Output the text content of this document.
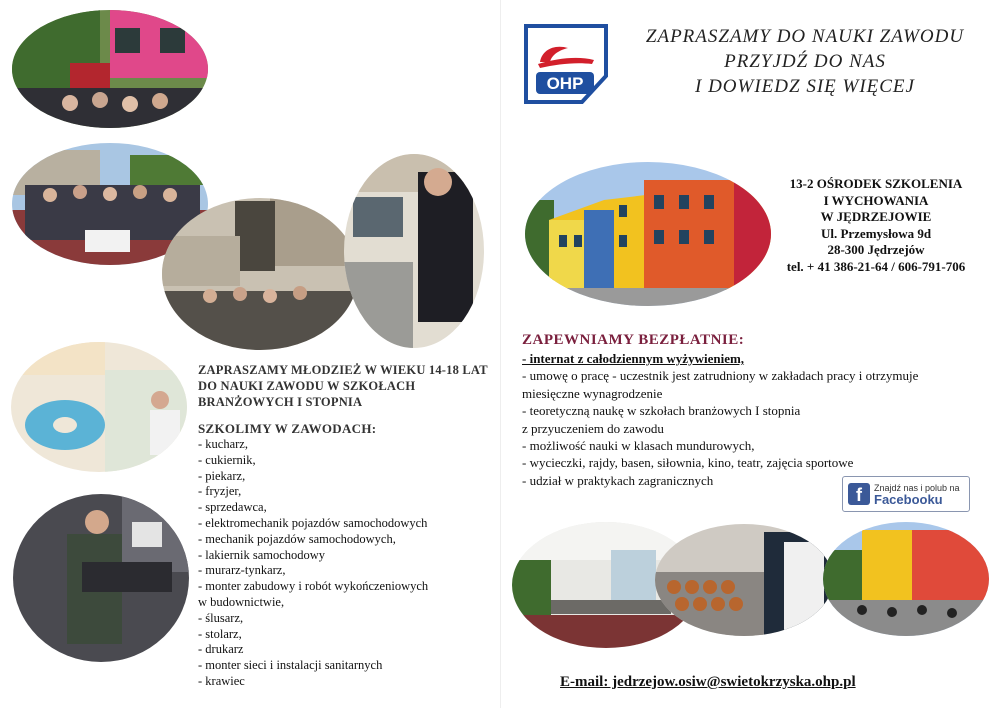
OHP
ZAPRASZAMY DO NAUKI ZAWODU
PRZYJDŹ DO NAS
I DOWIEDZ SIĘ WIĘCEJ
13-2 OŚRODEK SZKOLENIA
I WYCHOWANIA
W JĘDRZEJOWIE
Ul. Przemysłowa 9d
28-300 Jędrzejów
tel. + 41 386-21-64 / 606-791-706
ZAPEWNIAMY BEZPŁATNIE:
- internat z całodziennym wyżywieniem,
- umowę o pracę - uczestnik jest zatrudniony w zakładach pracy i otrzymuje
miesięczne wynagrodzenie
- teoretyczną naukę w szkołach branżowych I stopnia
z przyuczeniem do zawodu
- możliwość nauki w klasach mundurowych,
- wycieczki, rajdy, basen, siłownia, kino, teatr, zajęcia sportowe
- udział w praktykach zagranicznych
f	Znajdź nas i polub na
Facebooku
E-mail: jedrzejow.osiw@swietokrzyska.ohp.pl
ZAPRASZAMY MŁODZIEŻ W WIEKU 14-18 LAT
DO NAUKI ZAWODU W SZKOŁACH
BRANŻOWYCH I STOPNIA
SZKOLIMY W ZAWODACH:
- kucharz,
- cukiernik,
- piekarz,
- fryzjer,
- sprzedawca,
- elektromechanik pojazdów samochodowych
- mechanik pojazdów samochodowych,
- lakiernik samochodowy
- murarz-tynkarz,
- monter zabudowy i robót wykończeniowych
w budownictwie,
- ślusarz,
- stolarz,
- drukarz
- monter sieci i instalacji sanitarnych
- krawiec
